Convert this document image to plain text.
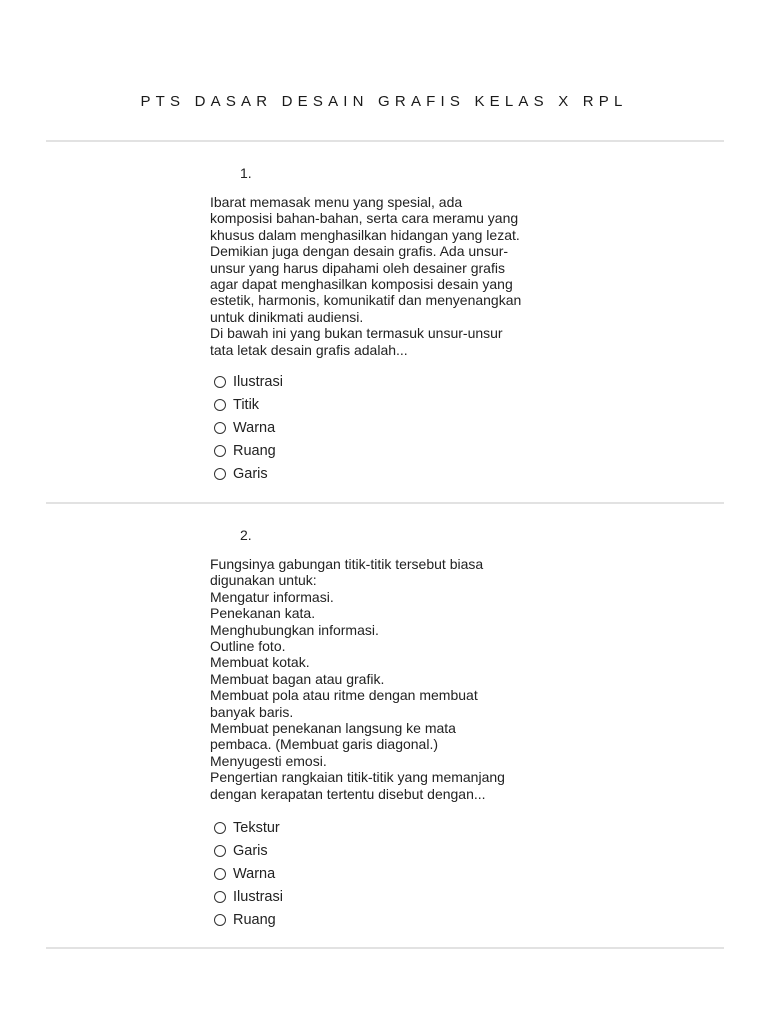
PTS DASAR DESAIN GRAFIS KELAS X RPL
1.
Ibarat memasak menu yang spesial, ada
komposisi bahan-bahan, serta cara meramu yang
khusus dalam menghasilkan hidangan yang lezat.
Demikian juga dengan desain grafis. Ada unsur-
unsur yang harus dipahami oleh desainer grafis
agar dapat menghasilkan komposisi desain yang
estetik, harmonis, komunikatif dan menyenangkan
untuk dinikmati audiensi.
Di bawah ini yang bukan termasuk unsur-unsur
tata letak desain grafis adalah...
Ilustrasi
Titik
Warna
Ruang
Garis
2.
Fungsinya gabungan titik-titik tersebut biasa
digunakan untuk:
Mengatur informasi.
Penekanan kata.
Menghubungkan informasi.
Outline foto.
Membuat kotak.
Membuat bagan atau grafik.
Membuat pola atau ritme dengan membuat
banyak baris.
Membuat penekanan langsung ke mata
pembaca. (Membuat garis diagonal.)
Menyugesti emosi.
Pengertian rangkaian titik-titik yang memanjang
dengan kerapatan tertentu disebut dengan...
Tekstur
Garis
Warna
Ilustrasi
Ruang
